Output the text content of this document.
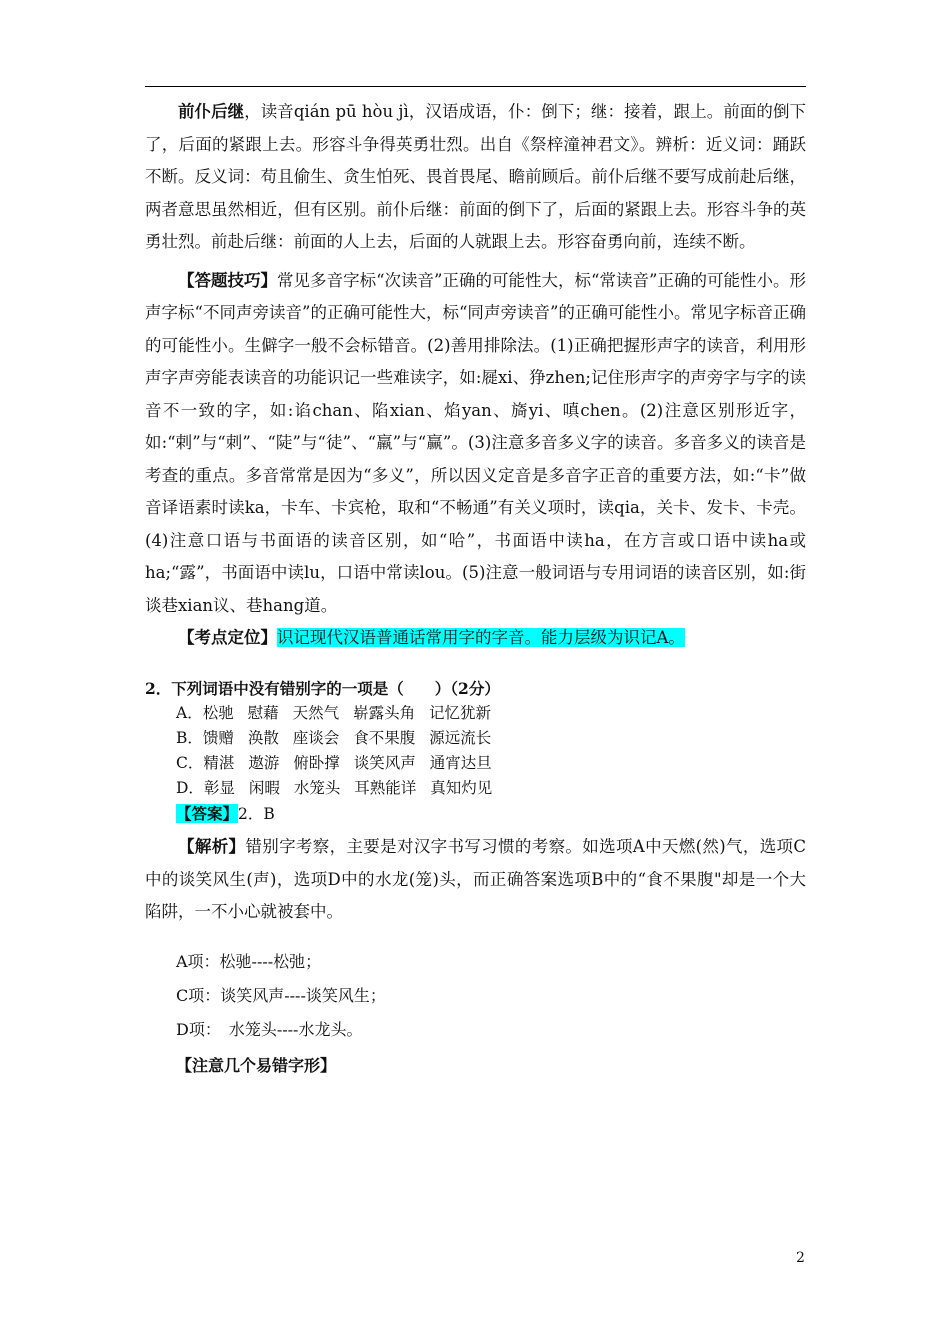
前仆后继，读音qián pū hòu jì，汉语成语，仆：倒下；继：接着，跟上。前面的倒下了，后面的紧跟上去。形容斗争得英勇壮烈。出自《祭梓潼神君文》。辨析：近义词：踊跃不断。反义词：苟且偷生、贪生怕死、畏首畏尾、瞻前顾后。前仆后继不要写成前赴后继，两者意思虽然相近，但有区别。前仆后继：前面的倒下了，后面的紧跟上去。形容斗争的英勇壮烈。前赴后继：前面的人上去，后面的人就跟上去。形容奋勇向前，连续不断。

【答题技巧】常见多音字标“次读音”正确的可能性大，标“常读音”正确的可能性小。形声字标“不同声旁读音”的正确可能性大，标“同声旁读音”的正确可能性小。常见字标音正确的可能性小。生僻字一般不会标错音。(2)善用排除法。(1)正确把握形声字的读音，利用形声字声旁能表读音的功能识记一些难读字，如:屣xi、狰zhen;记住形声字的声旁字与字的读音不一致的字，如:谄chan、陷xian、焰yan、旖yi、嗔chen。(2)注意区别形近字，如:“剌”与“刺”、“陡”与“徒”、“羸”与“赢”。(3)注意多音多义字的读音。多音多义的读音是考查的重点。多音常常是因为“多义”，所以因义定音是多音字正音的重要方法，如:“卡”做音译语素时读ka，卡车、卡宾枪，取和“不畅通”有关义项时，读qia，关卡、发卡、卡壳。(4)注意口语与书面语的读音区别，如“哈”，书面语中读ha，在方言或口语中读ha或ha;“露”，书面语中读lu，口语中常读lou。(5)注意一般词语与专用词语的读音区别，如:街谈巷xian议、巷hang道。

【考点定位】识记现代汉语普通话常用字的字音。能力层级为识记A。

2．下列词语中没有错别字的一项是（　　）（2分）

A．松驰 慰藉 天然气 崭露头角 记忆犹新

B．馈赠 涣散 座谈会 食不果腹 源远流长

C．精湛 遨游 俯卧撑 谈笑风声 通宵达旦

D．彰显 闲暇 水笼头 耳熟能详 真知灼见

【答案】2．B

【解析】错别字考察，主要是对汉字书写习惯的考察。如选项A中天燃(然)气，选项C中的谈笑风生(声)，选项D中的水龙(笼)头，而正确答案选项B中的“食不果腹"却是一个大陷阱，一不小心就被套中。

A项：松驰----松弛；

C项：谈笑风声----谈笑风生；

D项：　水笼头----水龙头。

【注意几个易错字形】

2
